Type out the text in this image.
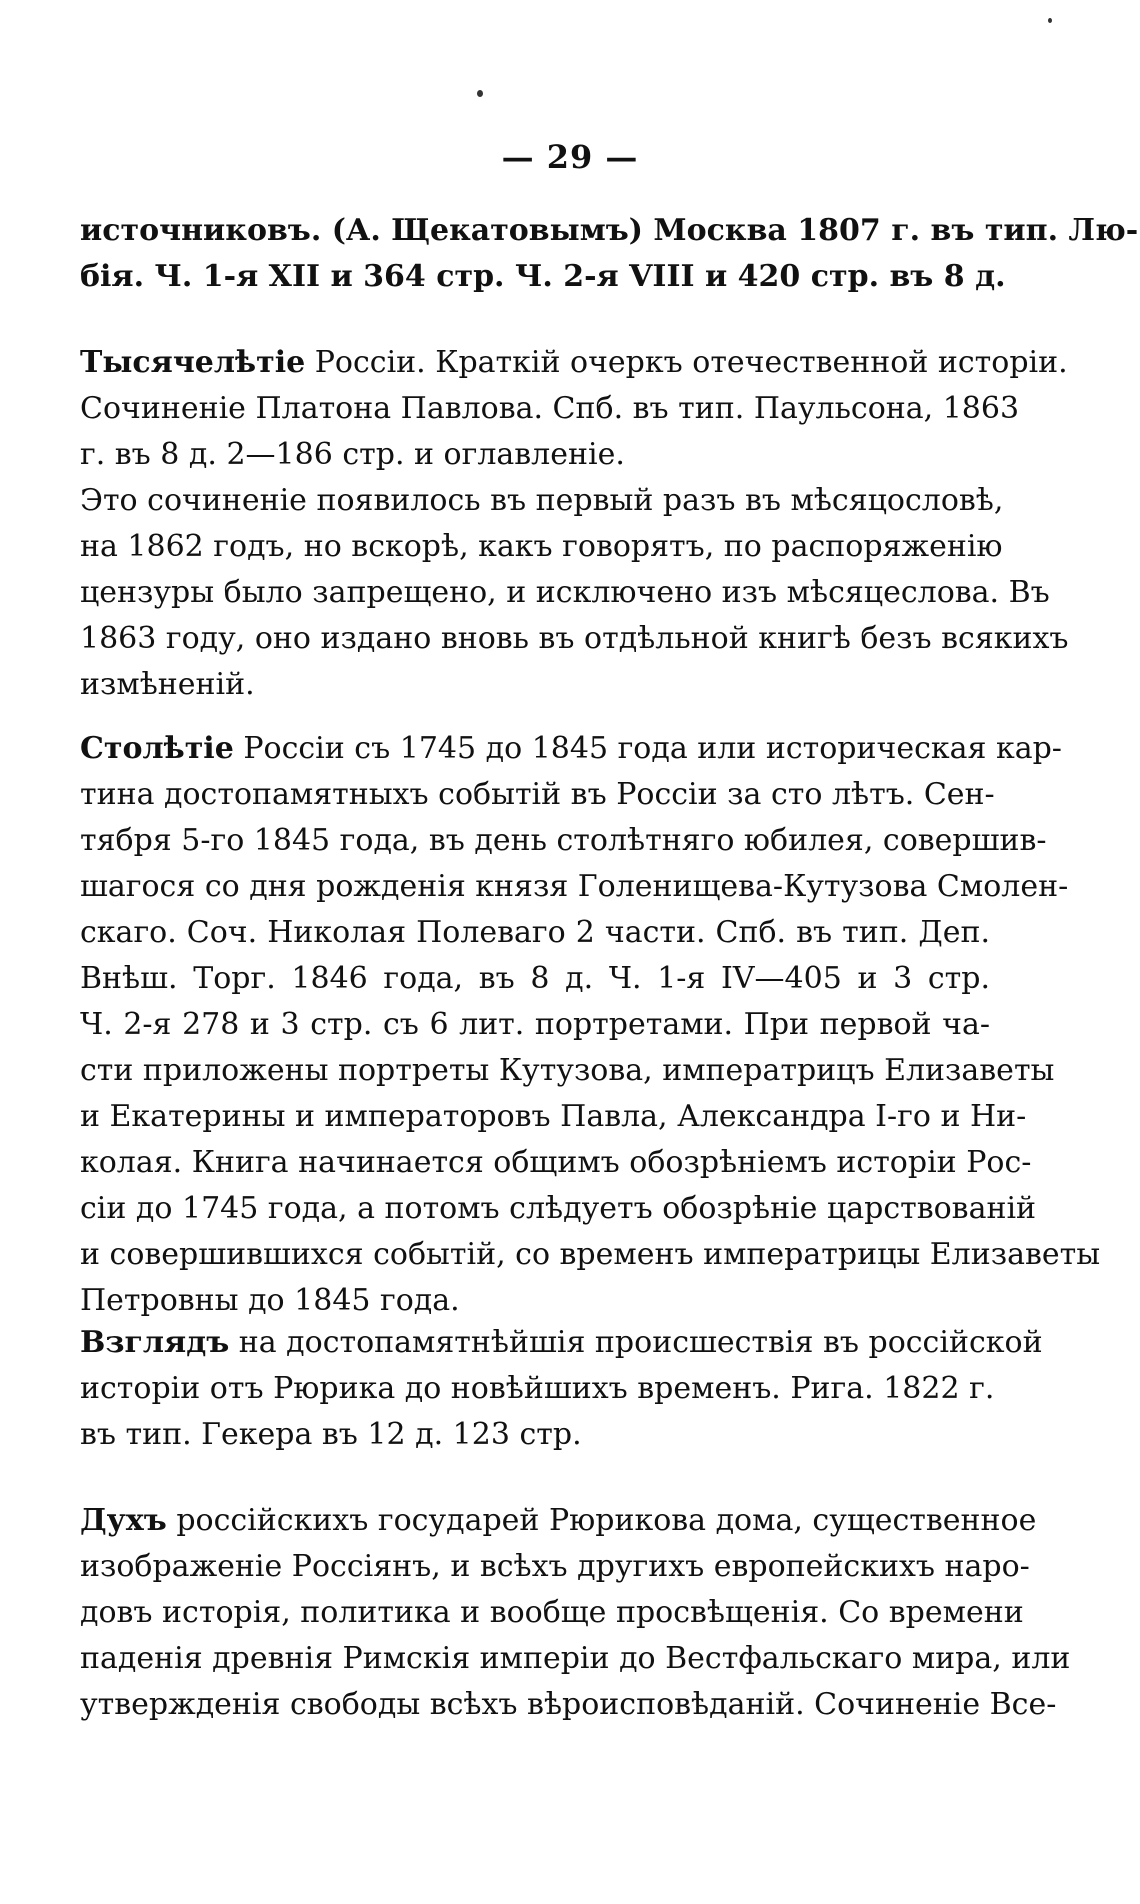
— 29 —
источниковъ. (А. Щекатовымъ) Москва 1807 г. въ тип. Лю-
бія. Ч. 1-я XII и 364 стр. Ч. 2-я VIII и 420 стр. въ 8 д.
Тысячелѣтіе Россіи. Краткій очеркъ отечественной исторіи.
Сочиненіе Платона Павлова. Спб. въ тип. Паульсона, 1863
г. въ 8 д. 2—186 стр. и оглавленіе.
Это сочиненіе появилось въ первый разъ въ мѣсяцословѣ,
на 1862 годъ, но вскорѣ, какъ говорятъ, по распоряженію
цензуры было запрещено, и исключено изъ мѣсяцеслова. Въ
1863 году, оно издано вновь въ отдѣльной книгѣ безъ всякихъ
измѣненій.
Столѣтіе Россіи съ 1745 до 1845 года или историческая кар-
тина достопамятныхъ событій въ Россіи за сто лѣтъ. Сен-
тября 5-го 1845 года, въ день столѣтняго юбилея, совершив-
шагося со дня рожденія князя Голенищева-Кутузова Смолен-
скаго. Соч. Николая Полеваго 2 части. Спб. въ тип. Деп.
Внѣш. Торг. 1846 года, въ 8 д. Ч. 1-я IV—405 и 3 стр.
Ч. 2-я 278 и 3 стр. съ 6 лит. портретами. При первой ча-
сти приложены портреты Кутузова, императрицъ Елизаветы
и Екатерины и императоровъ Павла, Александра I-го и Ни-
колая. Книга начинается общимъ обозрѣніемъ исторіи Рос-
сіи до 1745 года, а потомъ слѣдуетъ обозрѣніе царствованій
и совершившихся событій, со временъ императрицы Елизаветы
Петровны до 1845 года.
Взглядъ на достопамятнѣйшія происшествія въ россійской
исторіи отъ Рюрика до новѣйшихъ временъ. Рига. 1822 г.
въ тип. Гекера въ 12 д. 123 стр.
Духъ россійскихъ государей Рюрикова дома, существенное
изображеніе Россіянъ, и всѣхъ другихъ европейскихъ наро-
довъ исторія, политика и вообще просвѣщенія. Со времени
паденія древнія Римскія имперіи до Вестфальскаго мира, или
утвержденія свободы всѣхъ вѣроисповѣданій. Сочиненіе Все-
